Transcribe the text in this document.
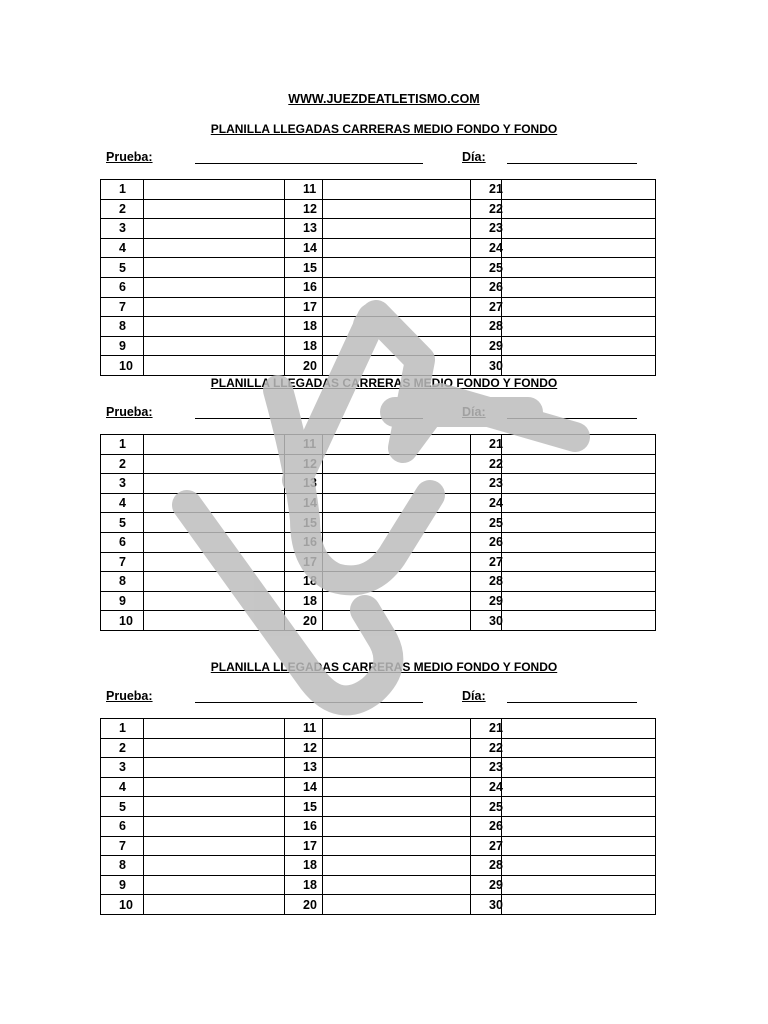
WWW.JUEZDEATLETISMO.COM
PLANILLA LLEGADAS CARRERAS MEDIO FONDO Y FONDO
Prueba:	Día:
1		11		21	
2		12		22	
3		13		23	
4		14		24	
5		15		25	
6		16		26	
7		17		27	
8		18		28	
9		18		29	
10		20		30	
PLANILLA LLEGADAS CARRERAS MEDIO FONDO Y FONDO
Prueba:	Día:
1		11		21	
2		12		22	
3		13		23	
4		14		24	
5		15		25	
6		16		26	
7		17		27	
8		18		28	
9		18		29	
10		20		30	
PLANILLA LLEGADAS CARRERAS MEDIO FONDO Y FONDO
Prueba:	Día:
1		11		21	
2		12		22	
3		13		23	
4		14		24	
5		15		25	
6		16		26	
7		17		27	
8		18		28	
9		18		29	
10		20		30	
